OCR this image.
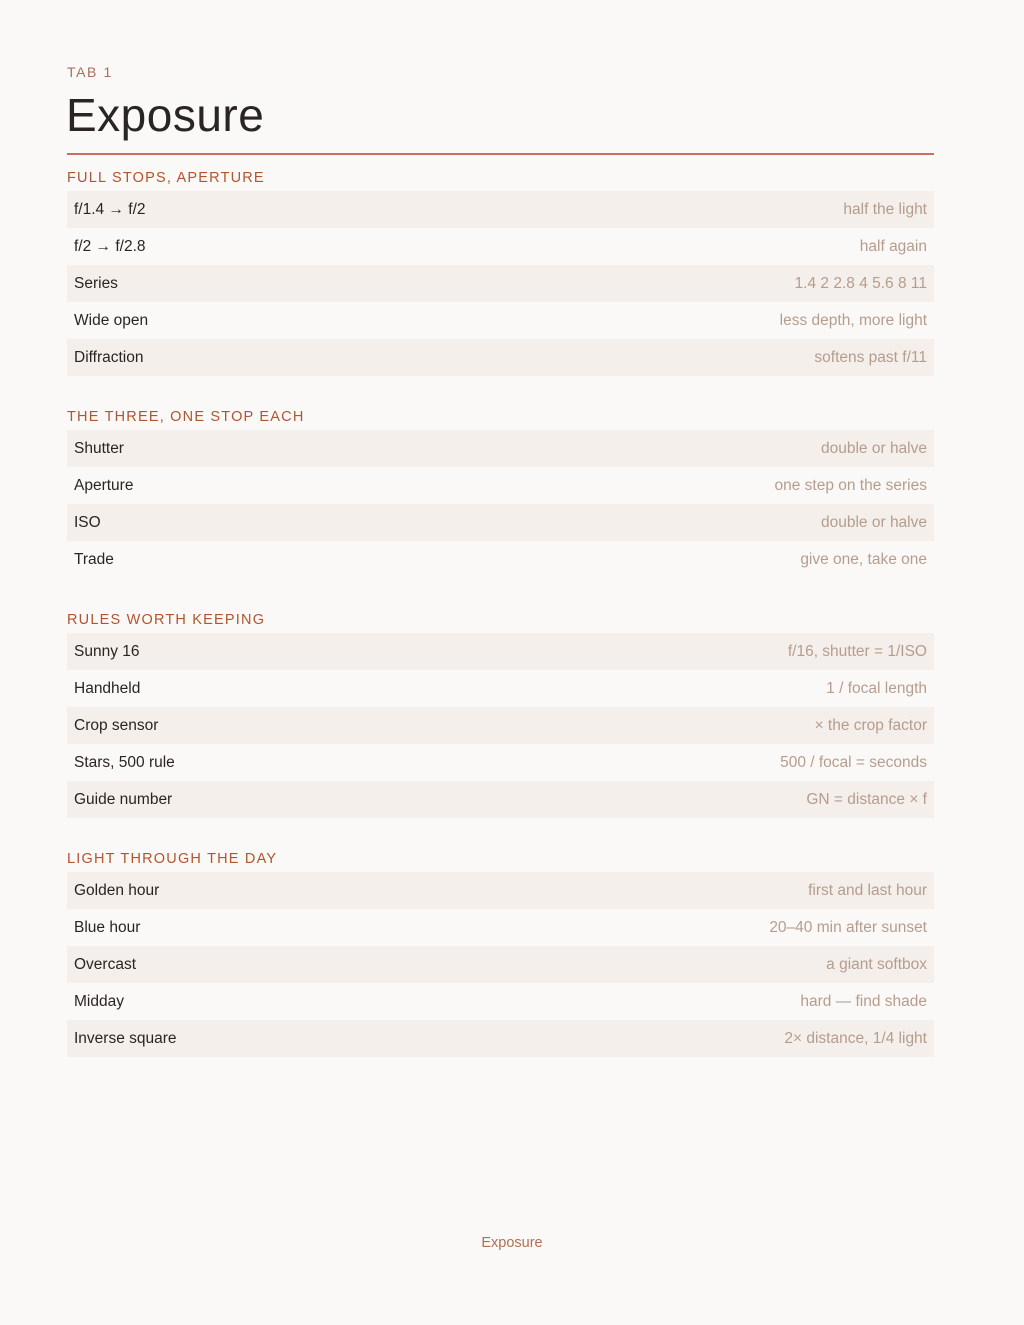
TAB 1
Exposure
FULL STOPS, APERTURE
f/1.4 → f/2	half the light
f/2 → f/2.8	half again
Series	1.4 2 2.8 4 5.6 8 11
Wide open	less depth, more light
Diffraction	softens past f/11
THE THREE, ONE STOP EACH
Shutter	double or halve
Aperture	one step on the series
ISO	double or halve
Trade	give one, take one
RULES WORTH KEEPING
Sunny 16	f/16, shutter = 1/ISO
Handheld	1 / focal length
Crop sensor	× the crop factor
Stars, 500 rule	500 / focal = seconds
Guide number	GN = distance × f
LIGHT THROUGH THE DAY
Golden hour	first and last hour
Blue hour	20–40 min after sunset
Overcast	a giant softbox
Midday	hard — find shade
Inverse square	2× distance, 1/4 light
Exposure
